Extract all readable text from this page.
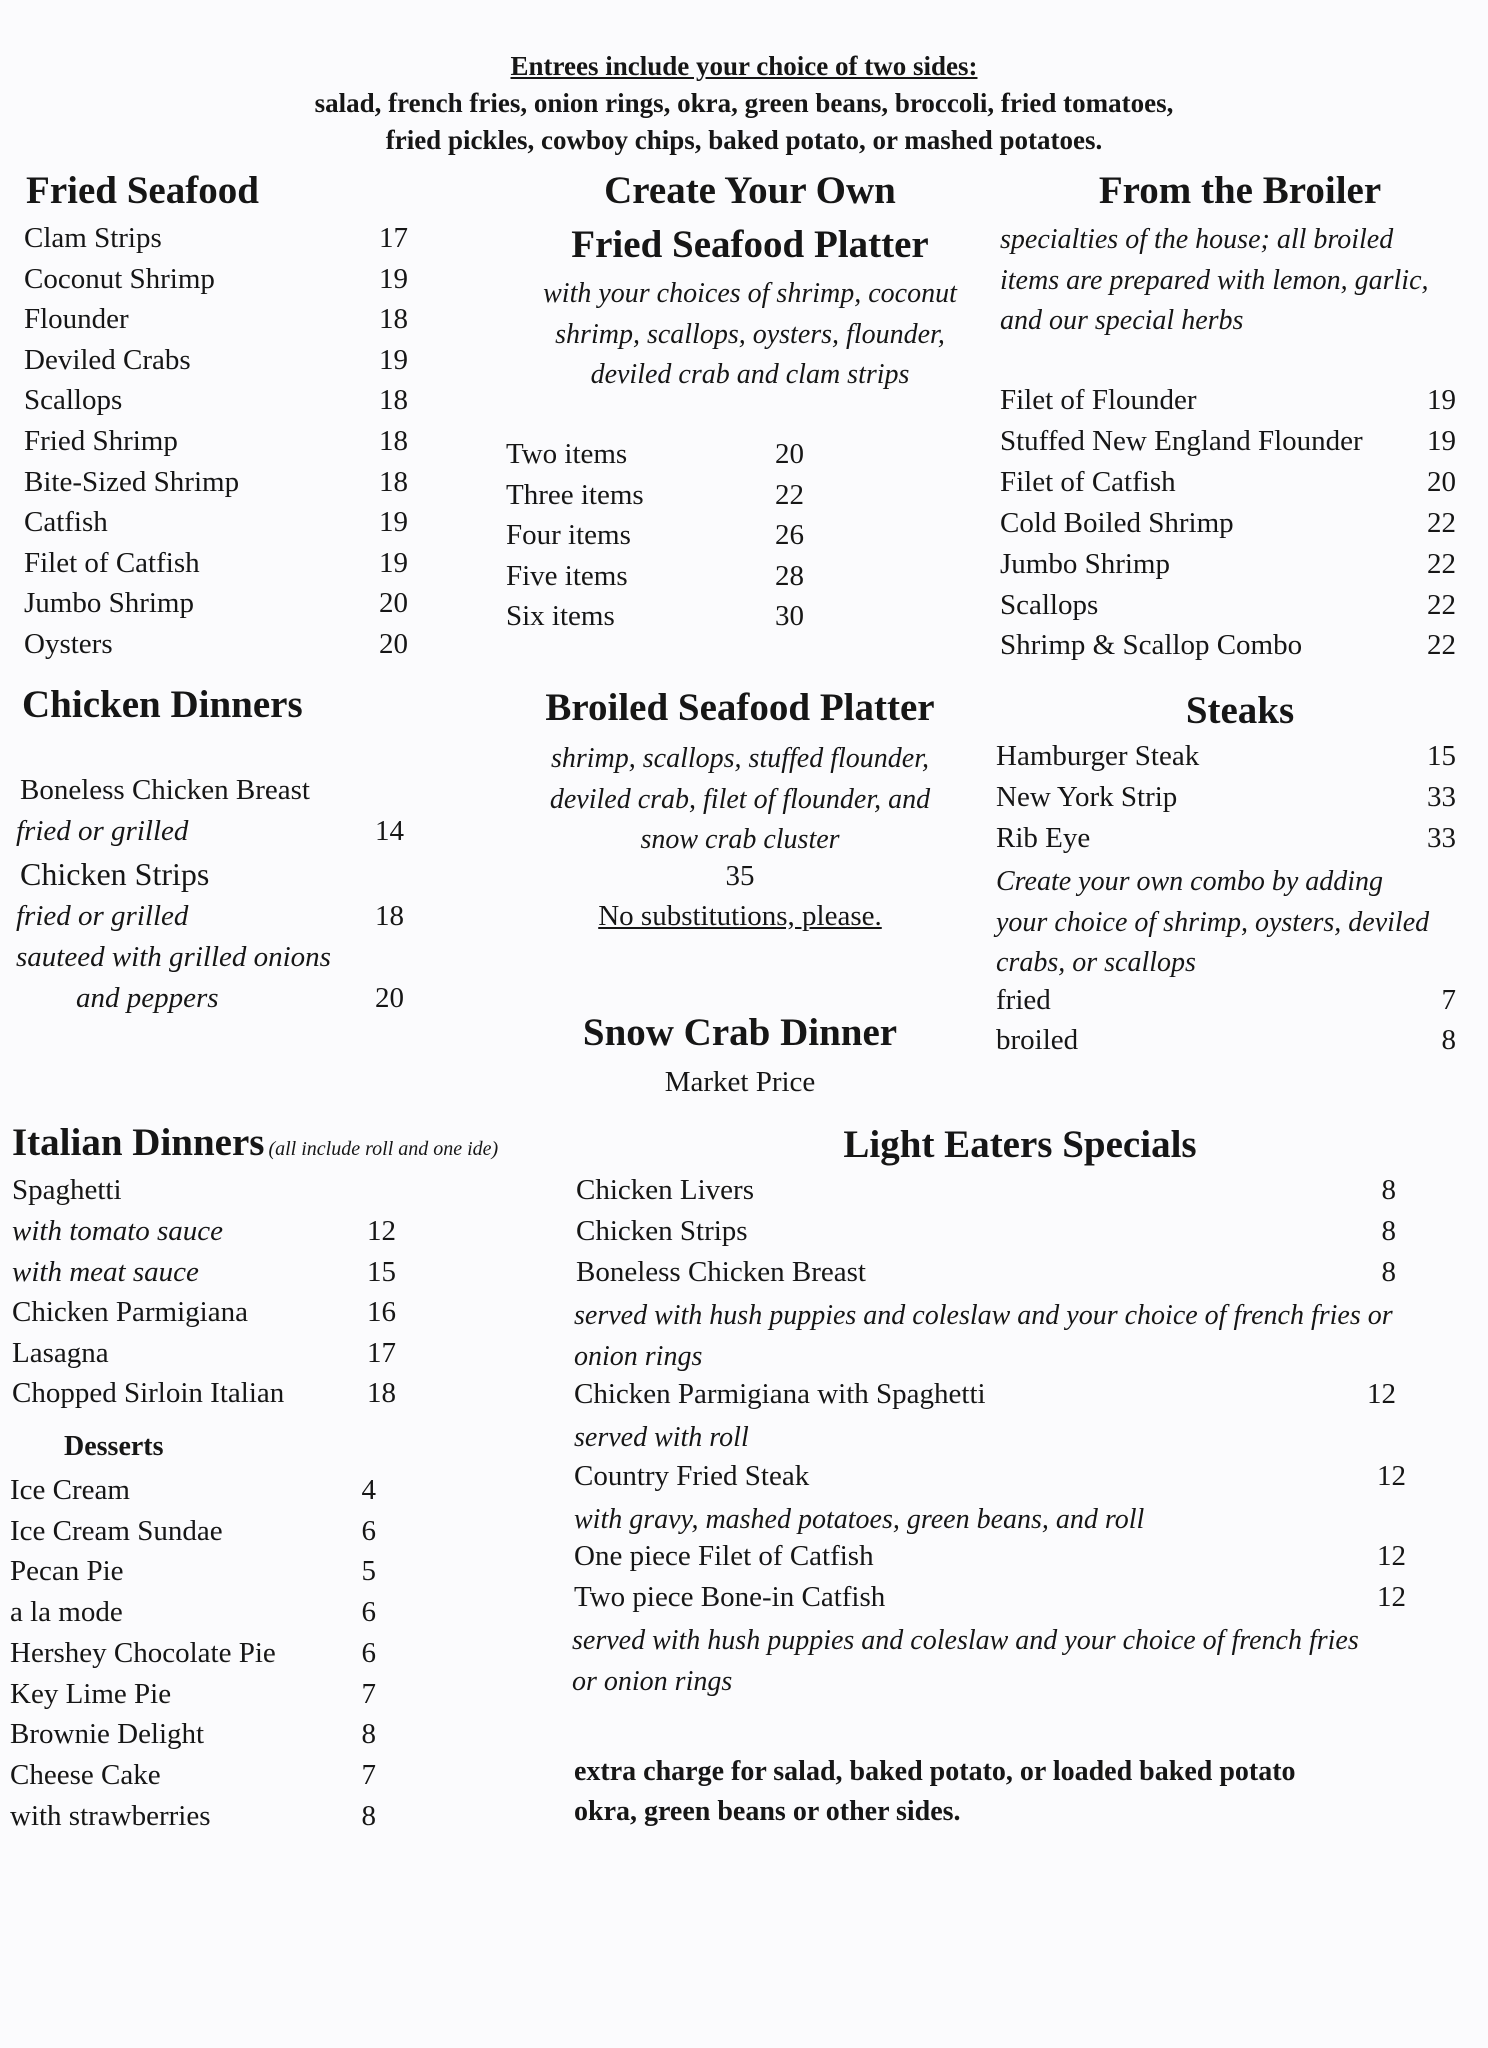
Entrees include your choice of two sides:
salad, french fries, onion rings, okra, green beans, broccoli, fried tomatoes,
fried pickles, cowboy chips, baked potato, or mashed potatoes.
Fried Seafood
Clam Strips	17
Coconut Shrimp	19
Flounder	18
Deviled Crabs	19
Scallops	18
Fried Shrimp	18
Bite-Sized Shrimp	18
Catfish	19
Filet of Catfish	19
Jumbo Shrimp	20
Oysters	20
Create Your Own
Fried Seafood Platter
with your choices of shrimp, coconut
shrimp, scallops, oysters, flounder,
deviled crab and clam strips
Two items	20
Three items	22
Four items	26
Five items	28
Six items	30
From the Broiler
specialties of the house; all broiled
items are prepared with lemon, garlic,
and our special herbs
Filet of Flounder	19
Stuffed New England Flounder	19
Filet of Catfish	20
Cold Boiled Shrimp	22
Jumbo Shrimp	22
Scallops	22
Shrimp & Scallop Combo	22
Chicken Dinners
Boneless Chicken Breast
fried or grilled	14
Chicken Strips
fried or grilled	18
sauteed with grilled onions
and peppers	20
Broiled Seafood Platter
shrimp, scallops, stuffed flounder,
deviled crab, filet of flounder, and
snow crab cluster
35
No substitutions, please.
Snow Crab Dinner
Market Price
Steaks
Hamburger Steak	15
New York Strip	33
Rib Eye	33
Create your own combo by adding
your choice of shrimp, oysters, deviled
crabs, or scallops
fried	7
broiled	8
Italian Dinners (all include roll and one ide)
Spaghetti
with tomato sauce	12
with meat sauce	15
Chicken Parmigiana	16
Lasagna	17
Chopped Sirloin Italian	18
Desserts
Ice Cream	4
Ice Cream Sundae	6
Pecan Pie	5
a la mode	6
Hershey Chocolate Pie	6
Key Lime Pie	7
Brownie Delight	8
Cheese Cake	7
with strawberries	8
Light Eaters Specials
Chicken Livers	8
Chicken Strips	8
Boneless Chicken Breast	8
served with hush puppies and coleslaw and your choice of french fries or
onion rings
Chicken Parmigiana with Spaghetti	12
served with roll
Country Fried Steak	12
with gravy, mashed potatoes, green beans, and roll
One piece Filet of Catfish	12
Two piece Bone-in Catfish	12
served with hush puppies and coleslaw and your choice of french fries
or onion rings
extra charge for salad, baked potato, or loaded baked potato
okra, green beans or other sides.
